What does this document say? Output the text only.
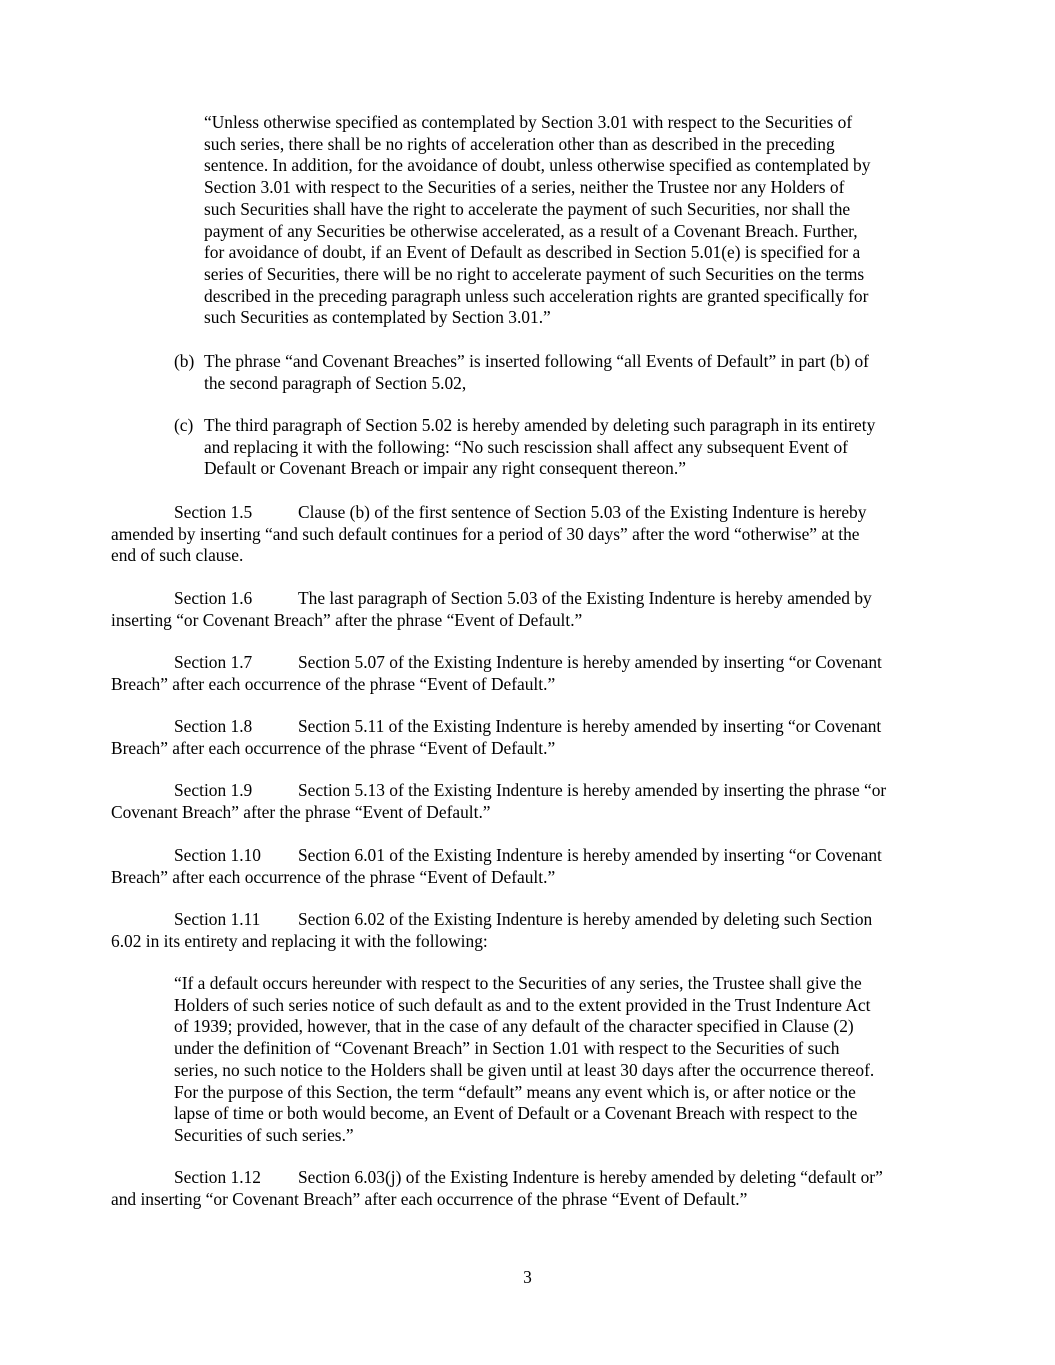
“Unless otherwise specified as contemplated by Section 3.01 with respect to the Securities of
such series, there shall be no rights of acceleration other than as described in the preceding
sentence. In addition, for the avoidance of doubt, unless otherwise specified as contemplated by
Section 3.01 with respect to the Securities of a series, neither the Trustee nor any Holders of
such Securities shall have the right to accelerate the payment of such Securities, nor shall the
payment of any Securities be otherwise accelerated, as a result of a Covenant Breach. Further,
for avoidance of doubt, if an Event of Default as described in Section 5.01(e) is specified for a
series of Securities, there will be no right to accelerate payment of such Securities on the terms
described in the preceding paragraph unless such acceleration rights are granted specifically for
such Securities as contemplated by Section 3.01.”
(b) The phrase “and Covenant Breaches” is inserted following “all Events of Default” in part (b) of
the second paragraph of Section 5.02,
(c) The third paragraph of Section 5.02 is hereby amended by deleting such paragraph in its entirety
and replacing it with the following: “No such rescission shall affect any subsequent Event of
Default or Covenant Breach or impair any right consequent thereon.”
Section 1.5	Clause (b) of the first sentence of Section 5.03 of the Existing Indenture is hereby
amended by inserting “and such default continues for a period of 30 days” after the word “otherwise” at the
end of such clause.
Section 1.6	The last paragraph of Section 5.03 of the Existing Indenture is hereby amended by
inserting “or Covenant Breach” after the phrase “Event of Default.”
Section 1.7	Section 5.07 of the Existing Indenture is hereby amended by inserting “or Covenant
Breach” after each occurrence of the phrase “Event of Default.”
Section 1.8	Section 5.11 of the Existing Indenture is hereby amended by inserting “or Covenant
Breach” after each occurrence of the phrase “Event of Default.”
Section 1.9	Section 5.13 of the Existing Indenture is hereby amended by inserting the phrase “or
Covenant Breach” after the phrase “Event of Default.”
Section 1.10 Section 6.01 of the Existing Indenture is hereby amended by inserting “or Covenant
Breach” after each occurrence of the phrase “Event of Default.”
Section 1.11 Section 6.02 of the Existing Indenture is hereby amended by deleting such Section
6.02 in its entirety and replacing it with the following:
“If a default occurs hereunder with respect to the Securities of any series, the Trustee shall give the
Holders of such series notice of such default as and to the extent provided in the Trust Indenture Act
of 1939; provided, however, that in the case of any default of the character specified in Clause (2)
under the definition of “Covenant Breach” in Section 1.01 with respect to the Securities of such
series, no such notice to the Holders shall be given until at least 30 days after the occurrence thereof.
For the purpose of this Section, the term “default” means any event which is, or after notice or the
lapse of time or both would become, an Event of Default or a Covenant Breach with respect to the
Securities of such series.”
Section 1.12 Section 6.03(j) of the Existing Indenture is hereby amended by deleting “default or”
and inserting “or Covenant Breach” after each occurrence of the phrase “Event of Default.”
3
